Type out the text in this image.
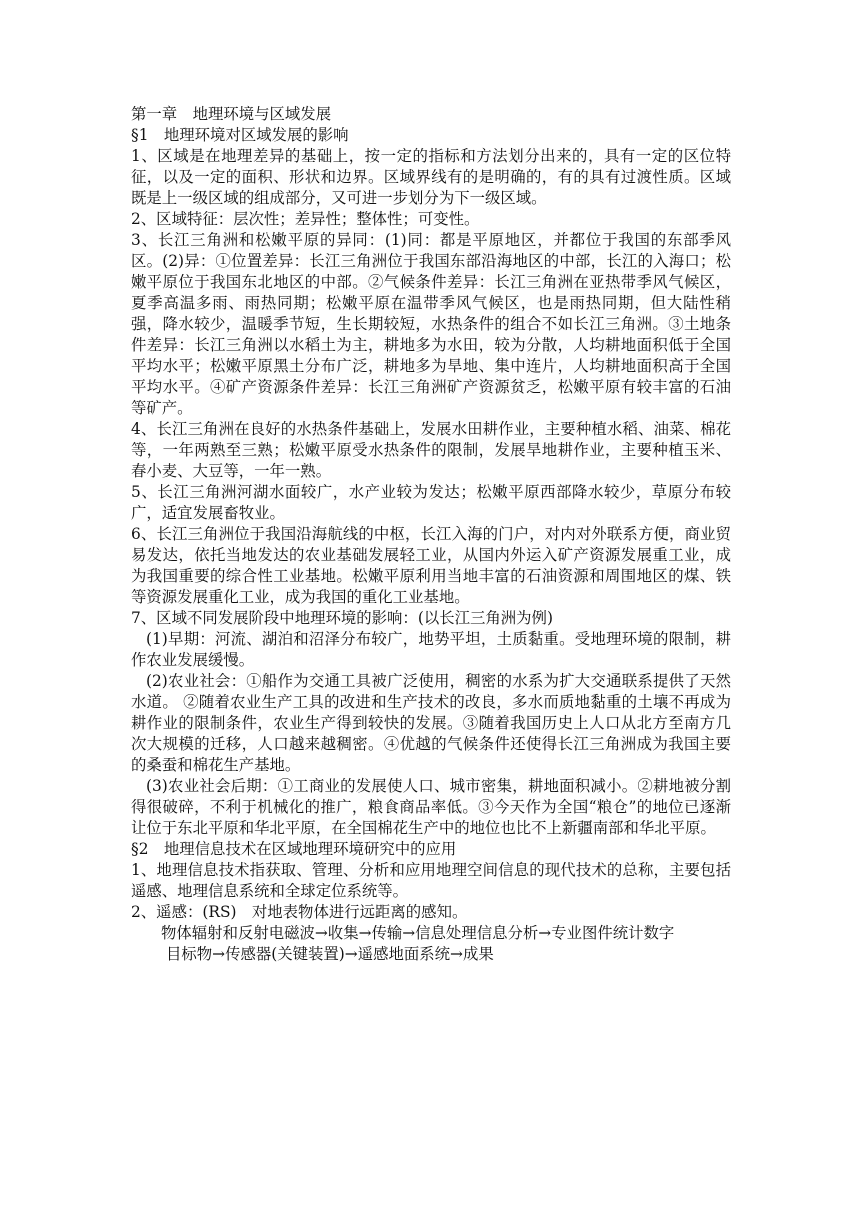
第一章　地理环境与区域发展

§1　地理环境对区域发展的影响

1、区域是在地理差异的基础上，按一定的指标和方法划分出来的，具有一定的区位特征，以及一定的面积、形状和边界。区域界线有的是明确的，有的具有过渡性质。区域既是上一级区域的组成部分，又可进一步划分为下一级区域。

2、区域特征：层次性；差异性；整体性；可变性。

3、长江三角洲和松嫩平原的异同：(1)同：都是平原地区，并都位于我国的东部季风区。(2)异：①位置差异：长江三角洲位于我国东部沿海地区的中部，长江的入海口；松嫩平原位于我国东北地区的中部。②气候条件差异：长江三角洲在亚热带季风气候区，夏季高温多雨、雨热同期；松嫩平原在温带季风气候区，也是雨热同期，但大陆性稍强，降水较少，温暖季节短，生长期较短，水热条件的组合不如长江三角洲。③土地条件差异：长江三角洲以水稻土为主，耕地多为水田，较为分散，人均耕地面积低于全国平均水平；松嫩平原黑土分布广泛，耕地多为旱地、集中连片，人均耕地面积高于全国平均水平。④矿产资源条件差异：长江三角洲矿产资源贫乏，松嫩平原有较丰富的石油等矿产。

4、长江三角洲在良好的水热条件基础上，发展水田耕作业，主要种植水稻、油菜、棉花等，一年两熟至三熟；松嫩平原受水热条件的限制，发展旱地耕作业，主要种植玉米、春小麦、大豆等，一年一熟。

5、长江三角洲河湖水面较广，水产业较为发达；松嫩平原西部降水较少，草原分布较广，适宜发展畜牧业。

6、长江三角洲位于我国沿海航线的中枢，长江入海的门户，对内对外联系方便，商业贸易发达，依托当地发达的农业基础发展轻工业，从国内外运入矿产资源发展重工业，成为我国重要的综合性工业基地。松嫩平原利用当地丰富的石油资源和周围地区的煤、铁等资源发展重化工业，成为我国的重化工业基地。

7、区域不同发展阶段中地理环境的影响：(以长江三角洲为例)

(1)早期：河流、湖泊和沼泽分布较广，地势平坦，土质黏重。受地理环境的限制，耕作农业发展缓慢。

(2)农业社会：①船作为交通工具被广泛使用，稠密的水系为扩大交通联系提供了天然水道。 ②随着农业生产工具的改进和生产技术的改良，多水而质地黏重的土壤不再成为耕作业的限制条件，农业生产得到较快的发展。③随着我国历史上人口从北方至南方几次大规模的迁移，人口越来越稠密。④优越的气候条件还使得长江三角洲成为我国主要的桑蚕和棉花生产基地。

(3)农业社会后期：①工商业的发展使人口、城市密集，耕地面积减小。②耕地被分割得很破碎，不利于机械化的推广，粮食商品率低。③今天作为全国“粮仓”的地位已逐渐让位于东北平原和华北平原，在全国棉花生产中的地位也比不上新疆南部和华北平原。

§2　地理信息技术在区域地理环境研究中的应用

1、地理信息技术指获取、管理、分析和应用地理空间信息的现代技术的总称，主要包括遥感、地理信息系统和全球定位系统等。

2、遥感：(RS)　对地表物体进行远距离的感知。

物体辐射和反射电磁波→收集→传输→信息处理信息分析→专业图件统计数字

目标物→传感器(关键装置)→遥感地面系统→成果
